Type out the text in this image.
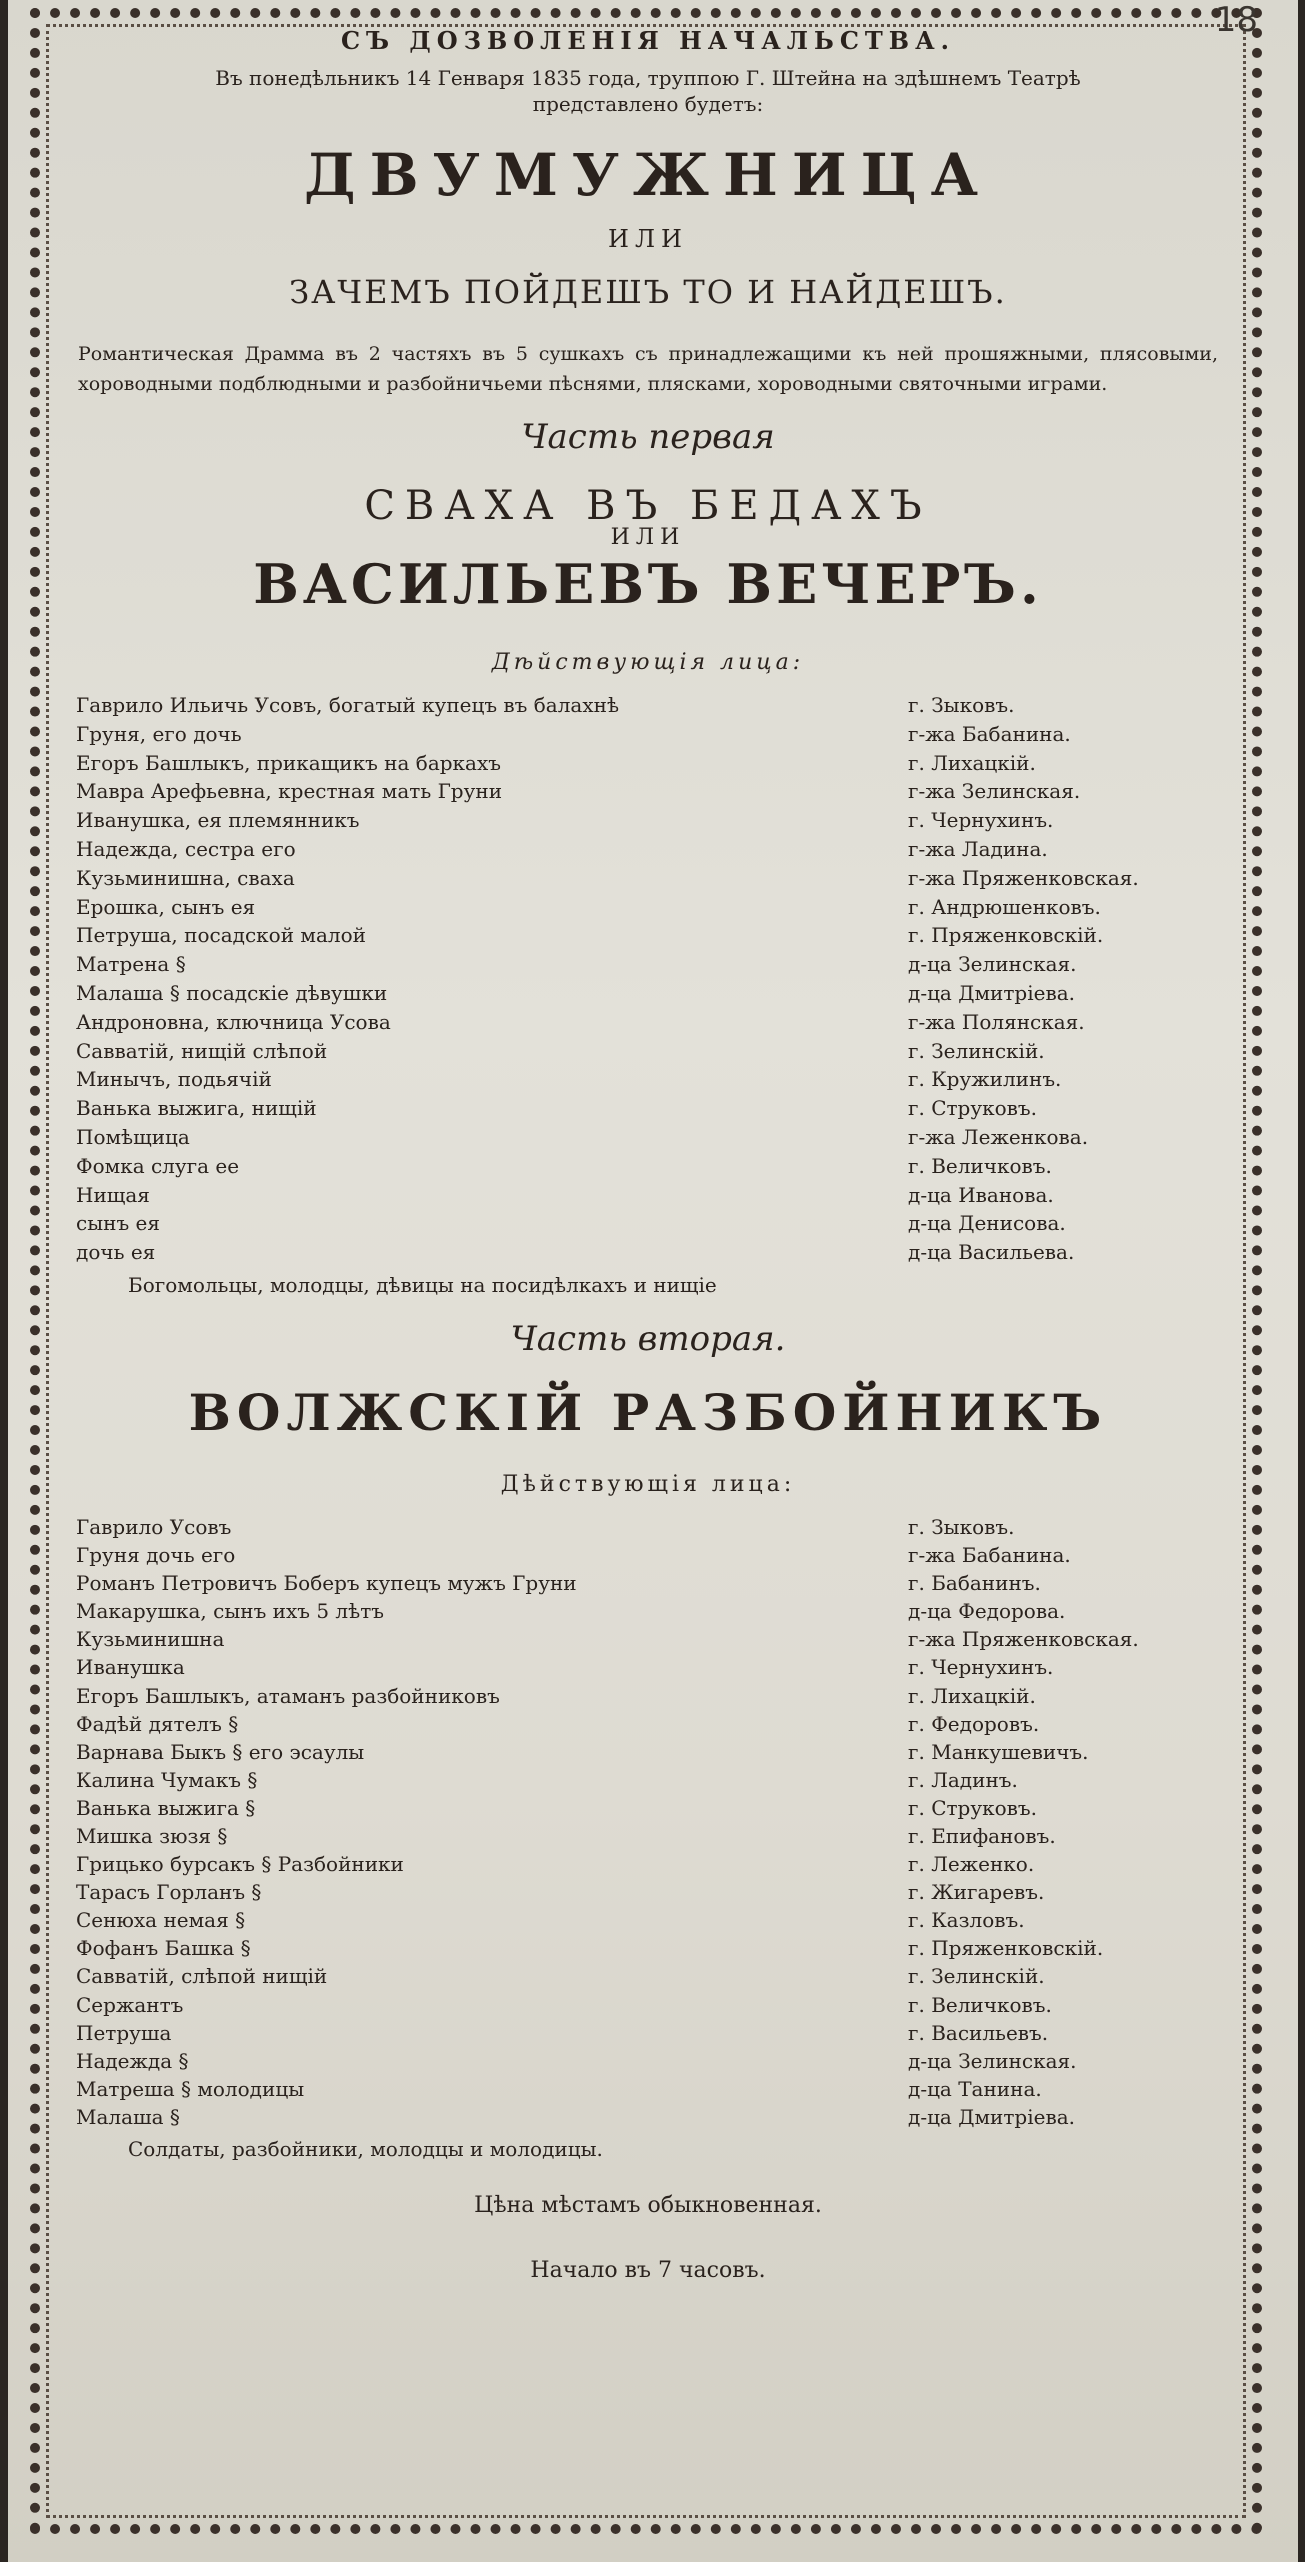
18
СЪ ДОЗВОЛЕНІЯ НАЧАЛЬСТВА.
Въ понедѣльникъ 14 Генваря 1835 года, труппою Г. Штейна на здѣшнемъ Театрѣ
представлено будетъ:
ДВУМУЖНИЦА
ИЛИ
ЗАЧЕМЪ ПОЙДЕШЪ ТО И НАЙДЕШЪ.
Романтическая Драмма въ 2 частяхъ въ 5 сушкахъ съ принадлежащими къ ней прошяжными, плясовыми, хороводными подблюдными и разбойничьеми пѣснями, плясками, хороводными святочными играми.
Часть первая
СВАХА ВЪ БЕДАХЪ
ИЛИ
ВАСИЛЬЕВЪ ВЕЧЕРЪ.
Дѣйствующія лица:
Гаврило Ильичь Усовъ, богатый купецъ въ балахнѣ	г. Зыковъ.
Груня, его дочь	г-жа Бабанина.
Егоръ Башлыкъ, прикащикъ на баркахъ	г. Лихацкій.
Мавра Арефьевна, крестная мать Груни	г-жа Зелинская.
Иванушка, ея племянникъ	г. Чернухинъ.
Надежда, сестра его	г-жа Ладина.
Кузьминишна, сваха	г-жа Пряженковская.
Ерошка, сынъ ея	г. Андрюшенковъ.
Петруша, посадской малой	г. Пряженковскій.
Матрена §	д-ца Зелинская.
Малаша § посадскіе дѣвушки	д-ца Дмитріева.
Андроновна, ключница Усова	г-жа Полянская.
Савватій, нищій слѣпой	г. Зелинскій.
Минычъ, подьячій	г. Кружилинъ.
Ванька выжига, нищій	г. Струковъ.
Помѣщица	г-жа Леженкова.
Фомка слуга ее	г. Величковъ.
Нищая	д-ца Иванова.
сынъ ея	д-ца Денисова.
дочь ея	д-ца Васильева.
Богомольцы, молодцы, дѣвицы на посидѣлкахъ и нищіе
Часть вторая.
ВОЛЖСКІЙ РАЗБОЙНИКЪ
Дѣйствующія лица:
Гаврило Усовъ	г. Зыковъ.
Груня дочь его	г-жа Бабанина.
Романъ Петровичъ Боберъ купецъ мужъ Груни	г. Бабанинъ.
Макарушка, сынъ ихъ 5 лѣтъ	д-ца Федорова.
Кузьминишна	г-жа Пряженковская.
Иванушка	г. Чернухинъ.
Егоръ Башлыкъ, атаманъ разбойниковъ	г. Лихацкій.
Фадѣй дятелъ §	г. Федоровъ.
Варнава Быкъ § его эсаулы	г. Манкушевичъ.
Калина Чумакъ §	г. Ладинъ.
Ванька выжига §	г. Струковъ.
Мишка зюзя §	г. Епифановъ.
Грицько бурсакъ § Разбойники	г. Леженко.
Тарасъ Горланъ §	г. Жигаревъ.
Сенюха немая §	г. Казловъ.
Фофанъ Башка §	г. Пряженковскій.
Савватій, слѣпой нищій	г. Зелинскій.
Сержантъ	г. Величковъ.
Петруша	г. Васильевъ.
Надежда §	д-ца Зелинская.
Матреша § молодицы	д-ца Танина.
Малаша §	д-ца Дмитріева.
Солдаты, разбойники, молодцы и молодицы.
Цѣна мѣстамъ обыкновенная.
Начало въ 7 часовъ.
